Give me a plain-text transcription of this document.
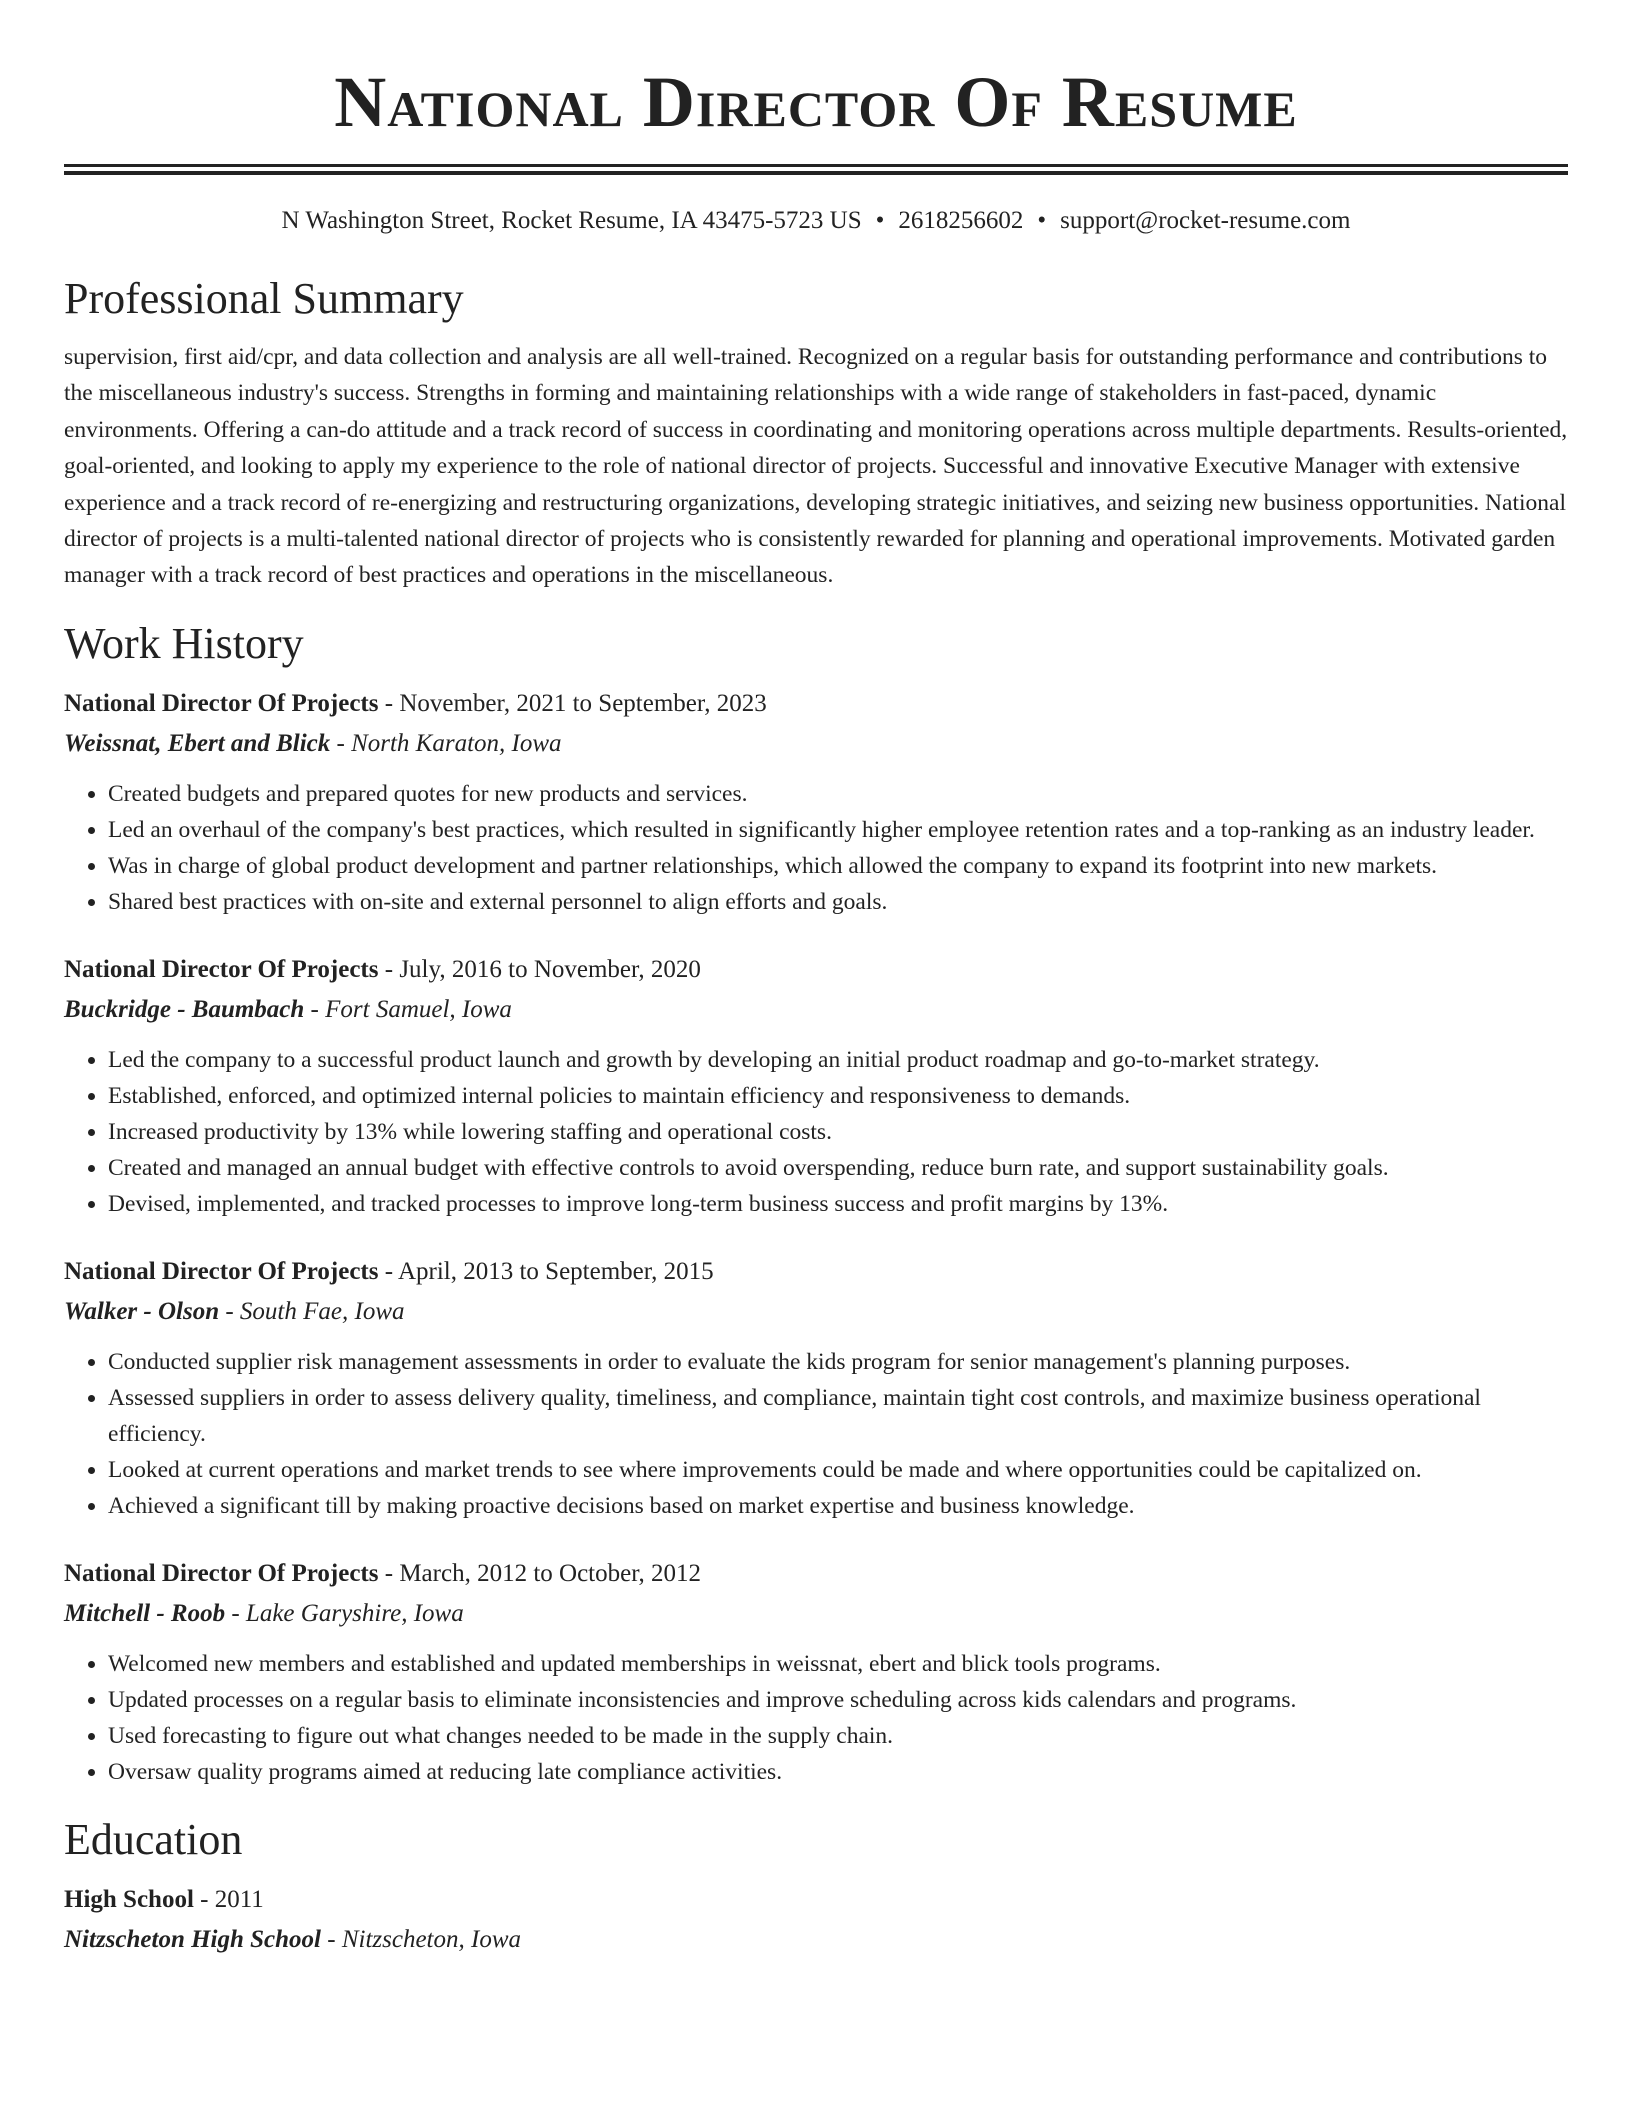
National Director Of Resume
N Washington Street, Rocket Resume, IA 43475-5723 US • 2618256602 • support@rocket-resume.com
Professional Summary
supervision, first aid/cpr, and data collection and analysis are all well-trained. Recognized on a regular basis for outstanding performance and contributions to the miscellaneous industry's success. Strengths in forming and maintaining relationships with a wide range of stakeholders in fast-paced, dynamic environments. Offering a can-do attitude and a track record of success in coordinating and monitoring operations across multiple departments. Results-oriented, goal-oriented, and looking to apply my experience to the role of national director of projects. Successful and innovative Executive Manager with extensive experience and a track record of re-energizing and restructuring organizations, developing strategic initiatives, and seizing new business opportunities. National director of projects is a multi-talented national director of projects who is consistently rewarded for planning and operational improvements. Motivated garden manager with a track record of best practices and operations in the miscellaneous.
Work History
National Director Of Projects - November, 2021 to September, 2023
Weissnat, Ebert and Blick - North Karaton, Iowa
• Created budgets and prepared quotes for new products and services.
• Led an overhaul of the company's best practices, which resulted in significantly higher employee retention rates and a top-ranking as an industry leader.
• Was in charge of global product development and partner relationships, which allowed the company to expand its footprint into new markets.
• Shared best practices with on-site and external personnel to align efforts and goals.
National Director Of Projects - July, 2016 to November, 2020
Buckridge - Baumbach - Fort Samuel, Iowa
• Led the company to a successful product launch and growth by developing an initial product roadmap and go-to-market strategy.
• Established, enforced, and optimized internal policies to maintain efficiency and responsiveness to demands.
• Increased productivity by 13% while lowering staffing and operational costs.
• Created and managed an annual budget with effective controls to avoid overspending, reduce burn rate, and support sustainability goals.
• Devised, implemented, and tracked processes to improve long-term business success and profit margins by 13%.
National Director Of Projects - April, 2013 to September, 2015
Walker - Olson - South Fae, Iowa
• Conducted supplier risk management assessments in order to evaluate the kids program for senior management's planning purposes.
• Assessed suppliers in order to assess delivery quality, timeliness, and compliance, maintain tight cost controls, and maximize business operational efficiency.
• Looked at current operations and market trends to see where improvements could be made and where opportunities could be capitalized on.
• Achieved a significant till by making proactive decisions based on market expertise and business knowledge.
National Director Of Projects - March, 2012 to October, 2012
Mitchell - Roob - Lake Garyshire, Iowa
• Welcomed new members and established and updated memberships in weissnat, ebert and blick tools programs.
• Updated processes on a regular basis to eliminate inconsistencies and improve scheduling across kids calendars and programs.
• Used forecasting to figure out what changes needed to be made in the supply chain.
• Oversaw quality programs aimed at reducing late compliance activities.
Education
High School - 2011
Nitzscheton High School - Nitzscheton, Iowa
